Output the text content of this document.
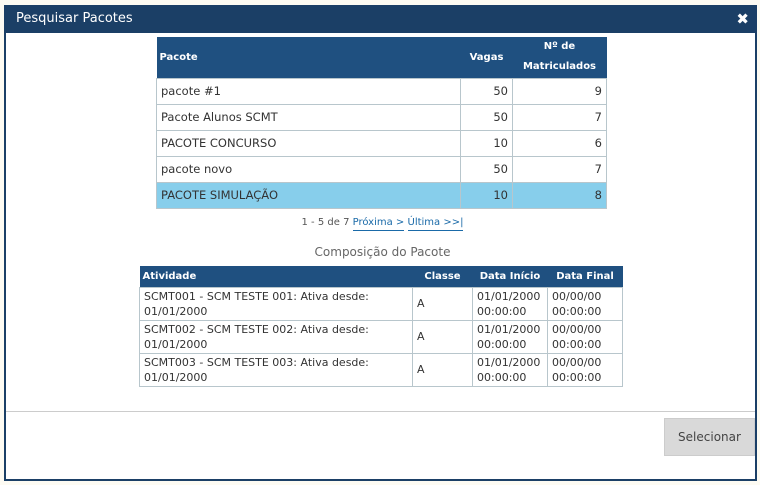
Pesquisar Pacotes	✖
Pacote	Vagas	Nº de Matriculados
pacote #1	50	9
Pacote Alunos SCMT	50	7
PACOTE CONCURSO	10	6
pacote novo	50	7
PACOTE SIMULAÇÃO	10	8
1 - 5 de 7 Próxima > Última >>|
Composição do Pacote
Atividade	Classe	Data Início	Data Final
SCMT001 - SCM TESTE 001: Ativa desde: 01/01/2000	A	01/01/2000 00:00:00	00/00/00 00:00:00
SCMT002 - SCM TESTE 002: Ativa desde: 01/01/2000	A	01/01/2000 00:00:00	00/00/00 00:00:00
SCMT003 - SCM TESTE 003: Ativa desde: 01/01/2000	A	01/01/2000 00:00:00	00/00/00 00:00:00
Selecionar
